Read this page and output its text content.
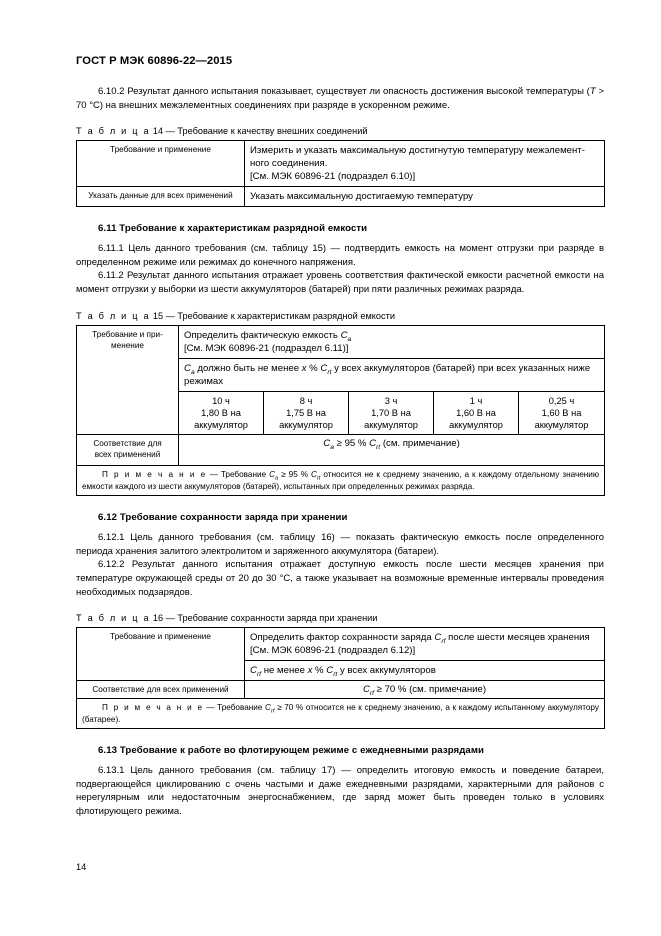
ГОСТ Р МЭК 60896-22—2015

6.10.2 Результат данного испытания показывает, существует ли опасность достижения высокой температуры (T > 70 °C) на внешних межэлементных соединениях при разряде в ускоренном режиме.

Т а б л и ц а 14 — Требование к качеству внешних соединений
Требование и применение	Измерить и указать максимальную достигнутую температуру межэлемент-
ного соединения.
[См. МЭК 60896-21 (подраздел 6.10)]
Указать данные для всех применений	Указать максимальную достигаемую температуру
6.11 Требование к характеристикам разрядной емкости

6.11.1 Цель данного требования (см. таблицу 15) — подтвердить емкость на момент отгрузки при разряде в определенном режиме или режимах до конечного напряжения.

6.11.2 Результат данного испытания отражает уровень соответствия фактической емкости расчетной емкости на момент отгрузки у выборки из шести аккумуляторов (батарей) при пяти различных режимах разряда.

Т а б л и ц а 15 — Требование к характеристикам разрядной емкости
Требование и при-
менение	Определить фактическую емкость $C_a$
[См. МЭК 60896-21 (подраздел 6.11)]				
	$C_a$ должно быть не менее x % $C_{rt}$ у всех аккумуляторов (батарей) при всех указанных ниже режимах				
	10 ч
1,80 В на
аккумулятор	8 ч
1,75 В на
аккумулятор	3 ч
1,70 В на
аккумулятор	1 ч
1,60 В на
аккумулятор	0,25 ч
1,60 В на
аккумулятор
Соответствие для
всех применений	$C_a \ge 95$ % $C_{rt}$ (см. примечание)				
П р и м е ч а н и е — Требование $C_a \ge 95$ % $C_{rt}$ относится не к среднему значению, а к каждому отдельному значению емкости каждого из шести аккумуляторов (батарей), испытанных при определенных режимах разряда.					
6.12 Требование сохранности заряда при хранении

6.12.1 Цель данного требования (см. таблицу 16) — показать фактическую емкость после определенного периода хранения залитого электролитом и заряженного аккумулятора (батареи).

6.12.2 Результат данного испытания отражает доступную емкость после шести месяцев хранения при температуре окружающей среды от 20 до 30 °C, а также указывает на возможные временные интервалы проведения необходимых подзарядов.

Т а б л и ц а 16 — Требование сохранности заряда при хранении
Требование и применение	Определить фактор сохранности заряда $C_{rf}$ после шести месяцев хранения
[См. МЭК 60896-21 (подраздел 6.12)]
	$C_{rf}$ не менее x % $C_{rt}$ у всех аккумуляторов
Соответствие для всех применений	$C_{rf} \ge 70$ % (см. примечание)
П р и м е ч а н и е — Требование $C_{rf} \ge 70$ % относится не к среднему значению, а к каждому испытанному аккумулятору (батарее).	
6.13 Требование к работе во флотирующем режиме с ежедневными разрядами

6.13.1 Цель данного требования (см. таблицу 17) — определить итоговую емкость и поведение батареи, подвергающейся циклированию с очень частыми и даже ежедневными разрядами, характерными для районов с нерегулярным или недостаточным энергоснабжением, где заряд может быть проведен только в условиях флотирующего режима.

14
